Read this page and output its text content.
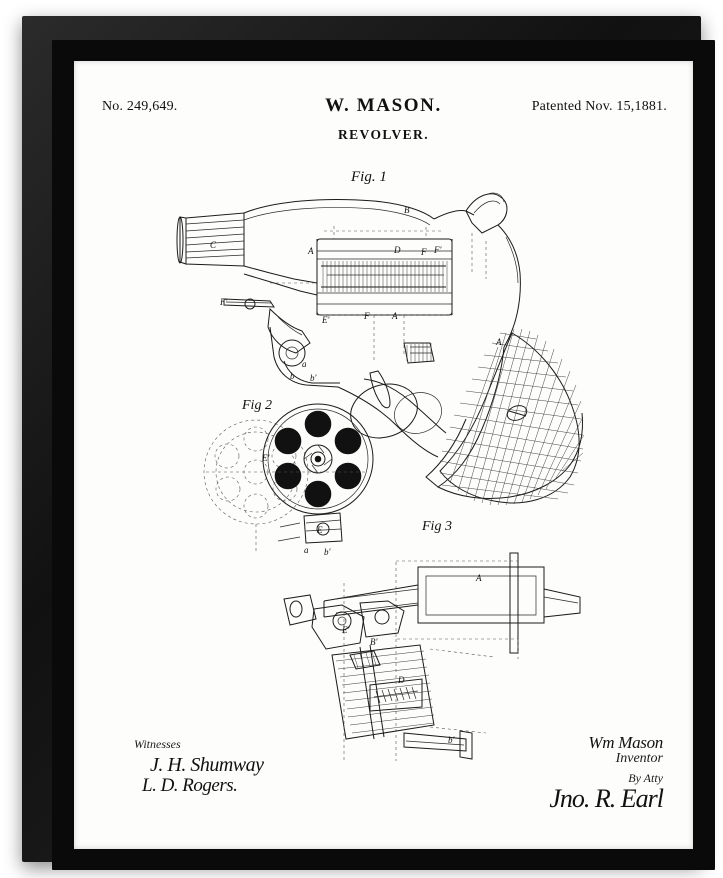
No. 249,649.	W. MASON.	Patented Nov. 15,1881.
REVOLVER.
Fig. 1
C
A	D F F'
B
F'
E'	F	A
A
b b'
a
E'
E
a b'
A
E'
B'
D
b'
Fig 2
Fig 3
Witnesses
J. H. Shumway
L. D. Rogers.
Wm Mason
Inventor
By Atty
Jno. R. Earl
